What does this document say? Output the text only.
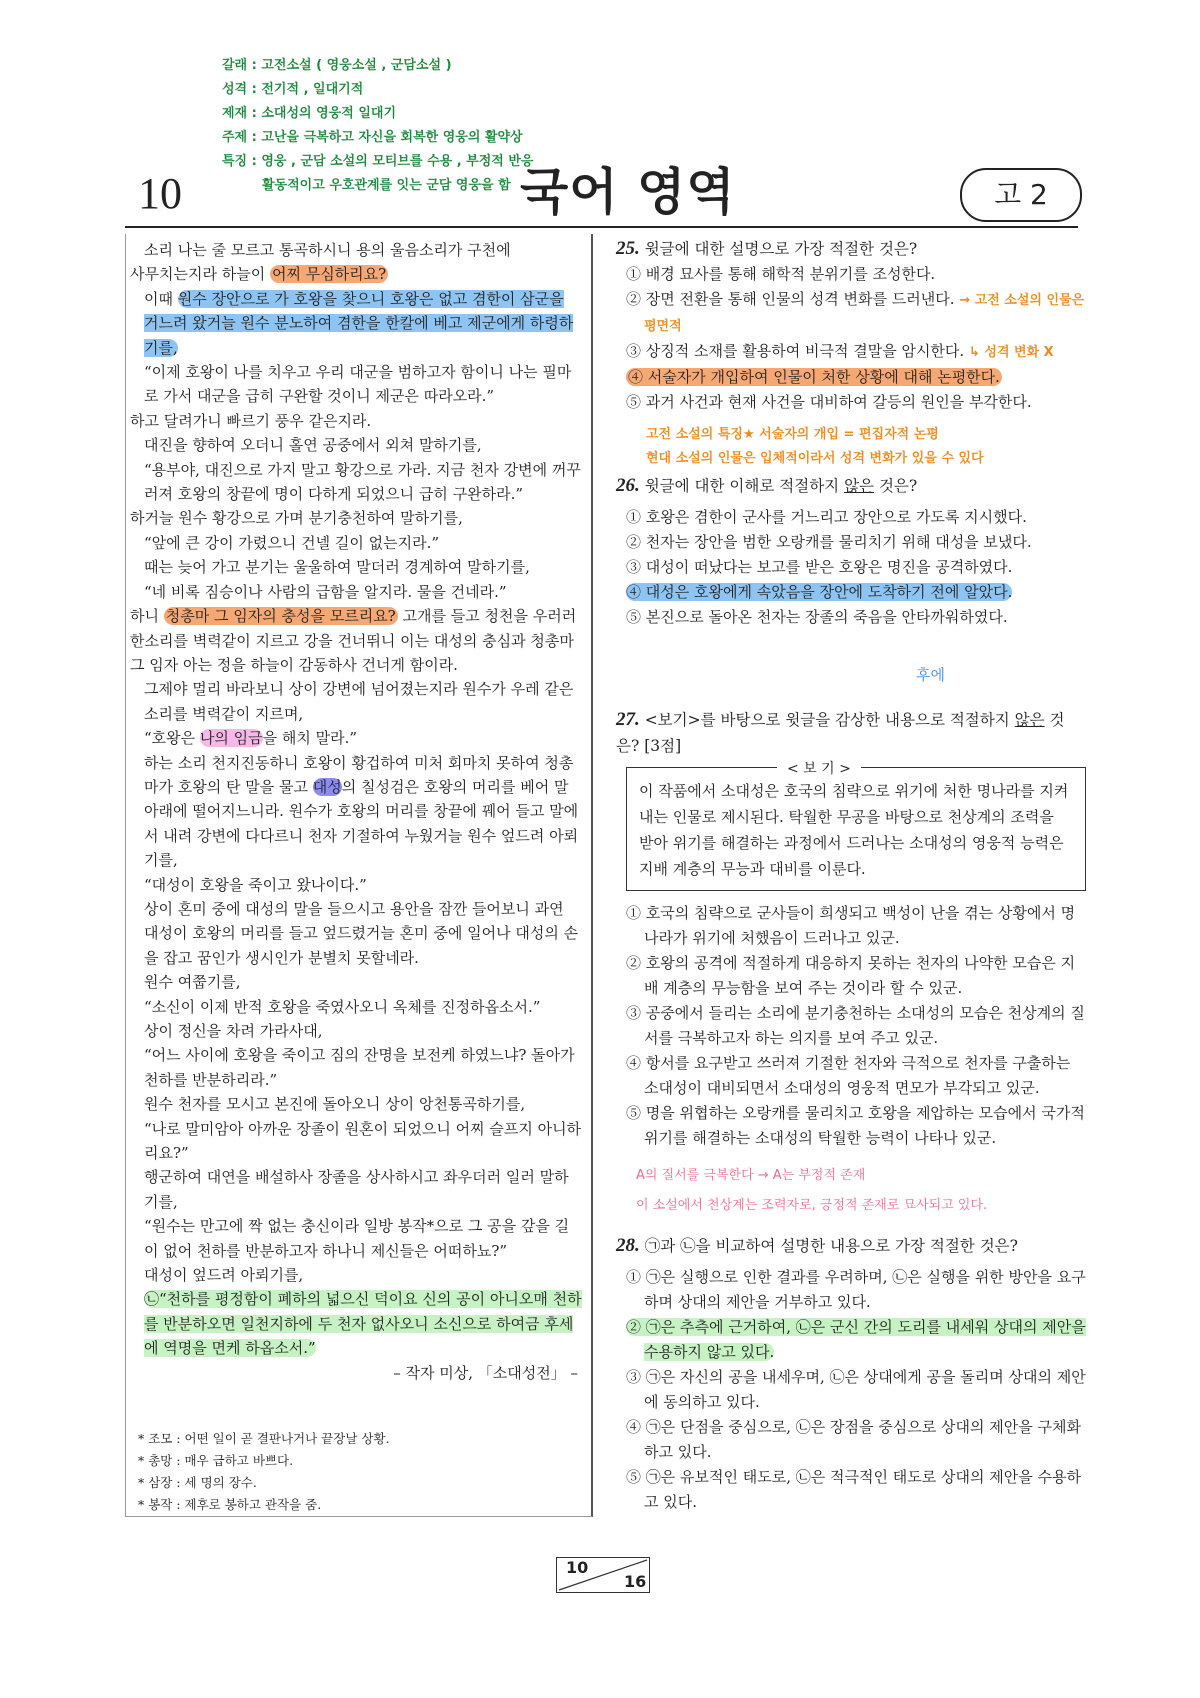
갈래 : 고전소설 ( 영웅소설 , 군담소설 )
성격 : 전기적 , 일대기적
제재 : 소대성의 영웅적 일대기
주제 : 고난을 극복하고 자신을 회복한 영웅의 활약상
특징 : 영웅 , 군담 소설의 모티브를 수용 , 부정적 반응
활동적이고 우호관계를 잇는 군담 영웅을 함
10	국어 영역	고 2

소리 나는 줄 모르고 통곡하시니 용의 울음소리가 구천에

사무치는지라 하늘이 어찌 무심하리요?

이때 원수 장안으로 가 호왕을 찾으니 호왕은 없고 겸한이 삼군을 거느려 왔거늘 원수 분노하여 겸한을 한칼에 베고 제군에게 하령하기를,

“이제 호왕이 나를 치우고 우리 대군을 범하고자 함이니 나는 필마로 가서 대군을 급히 구완할 것이니 제군은 따라오라.”

하고 달려가니 빠르기 풍우 같은지라.

대진을 향하여 오더니 홀연 공중에서 외쳐 말하기를,

“용부야, 대진으로 가지 말고 황강으로 가라. 지금 천자 강변에 꺼꾸러져 호왕의 창끝에 명이 다하게 되었으니 급히 구완하라.”

하거늘 원수 황강으로 가며 분기충천하여 말하기를,

“앞에 큰 강이 가렸으니 건넬 길이 없는지라.”

때는 늦어 가고 분기는 울울하여 말더러 경계하여 말하기를,

“네 비록 짐승이나 사람의 급함을 알지라. 물을 건네라.”

하니 청총마 그 임자의 충성을 모르리요? 고개를 들고 청천을 우러러 한소리를 벽력같이 지르고 강을 건너뛰니 이는 대성의 충심과 청총마 그 임자 아는 정을 하늘이 감동하사 건너게 함이라.

그제야 멀리 바라보니 상이 강변에 넘어졌는지라 원수가 우레 같은 소리를 벽력같이 지르며,

“호왕은 나의 임금을 해치 말라.”

하는 소리 천지진동하니 호왕이 황겁하여 미처 회마치 못하여 청총마가 호왕의 탄 말을 물고 대성의 칠성검은 호왕의 머리를 베어 말 아래에 떨어지느니라. 원수가 호왕의 머리를 창끝에 꿰어 들고 말에서 내려 강변에 다다르니 천자 기절하여 누웠거늘 원수 엎드려 아뢰기를,

“대성이 호왕을 죽이고 왔나이다.”

상이 혼미 중에 대성의 말을 들으시고 용안을 잠깐 들어보니 과연 대성이 호왕의 머리를 들고 엎드렸거늘 혼미 중에 일어나 대성의 손을 잡고 꿈인가 생시인가 분별치 못할네라.

원수 여쭙기를,

“소신이 이제 반적 호왕을 죽였사오니 옥체를 진정하옵소서.”

상이 정신을 차려 가라사대,

“어느 사이에 호왕을 죽이고 짐의 잔명을 보전케 하였느냐? 돌아가 천하를 반분하리라.”

원수 천자를 모시고 본진에 돌아오니 상이 앙천통곡하기를,

“나로 말미암아 아까운 장졸이 원혼이 되었으니 어찌 슬프지 아니하리요?”

행군하여 대연을 배설하사 장졸을 상사하시고 좌우더러 일러 말하기를,

“원수는 만고에 짝 없는 충신이라 일방 봉작*으로 그 공을 갚을 길이 없어 천하를 반분하고자 하나니 제신들은 어떠하뇨?”

대성이 엎드려 아뢰기를,

㉡“천하를 평정함이 폐하의 넓으신 덕이요 신의 공이 아니오매 천하를 반분하오면 일천지하에 두 천자 없사오니 소신으로 하여금 후세에 역명을 면케 하옵소서.”

– 작자 미상, 「소대성전」 –

* 조모 : 어떤 일이 곧 결판나거나 끝장날 상황.
* 총망 : 매우 급하고 바쁘다.
* 삼장 : 세 명의 장수.
* 봉작 : 제후로 봉하고 관작을 줌.

25. 윗글에 대한 설명으로 가장 적절한 것은?

① 배경 묘사를 통해 해학적 분위기를 조성한다.

② 장면 전환을 통해 인물의 성격 변화를 드러낸다. → 고전 소설의 인물은 평면적

③ 상징적 소재를 활용하여 비극적 결말을 암시한다. ↳ 성격 변화 X

④ 서술자가 개입하여 인물이 처한 상황에 대해 논평한다.

⑤ 과거 사건과 현재 사건을 대비하여 갈등의 원인을 부각한다.

고전 소설의 특징★ 서술자의 개입 = 편집자적 논평
현대 소설의 인물은 입체적이라서 성격 변화가 있을 수 있다

26. 윗글에 대한 이해로 적절하지 않은 것은?

① 호왕은 겸한이 군사를 거느리고 장안으로 가도록 지시했다.

② 천자는 장안을 범한 오랑캐를 물리치기 위해 대성을 보냈다.

③ 대성이 떠났다는 보고를 받은 호왕은 명진을 공격하였다.

④ 대성은 호왕에게 속았음을 장안에 도착하기 전에 알았다.

⑤ 본진으로 돌아온 천자는 장졸의 죽음을 안타까워하였다.

후에

27. <보기>를 바탕으로 윗글을 감상한 내용으로 적절하지 않은 것은? [3점]

< 보 기 >
이 작품에서 소대성은 호국의 침략으로 위기에 처한 명나라를 지켜내는 인물로 제시된다. 탁월한 무공을 바탕으로 천상계의 조력을 받아 위기를 해결하는 과정에서 드러나는 소대성의 영웅적 능력은 지배 계층의 무능과 대비를 이룬다.

① 호국의 침략으로 군사들이 희생되고 백성이 난을 겪는 상황에서 명나라가 위기에 처했음이 드러나고 있군.

② 호왕의 공격에 적절하게 대응하지 못하는 천자의 나약한 모습은 지배 계층의 무능함을 보여 주는 것이라 할 수 있군.

③ 공중에서 들리는 소리에 분기충천하는 소대성의 모습은 천상계의 질서를 극복하고자 하는 의지를 보여 주고 있군.

④ 항서를 요구받고 쓰러져 기절한 천자와 극적으로 천자를 구출하는 소대성이 대비되면서 소대성의 영웅적 면모가 부각되고 있군.

⑤ 명을 위협하는 오랑캐를 물리치고 호왕을 제압하는 모습에서 국가적 위기를 해결하는 소대성의 탁월한 능력이 나타나 있군.

A의 질서를 극복한다 → A는 부정적 존재
이 소설에서 천상계는 조력자로, 긍정적 존재로 묘사되고 있다.

28. ㉠과 ㉡을 비교하여 설명한 내용으로 가장 적절한 것은?

① ㉠은 실행으로 인한 결과를 우려하며, ㉡은 실행을 위한 방안을 요구하며 상대의 제안을 거부하고 있다.

② ㉠은 추측에 근거하여, ㉡은 군신 간의 도리를 내세워 상대의 제안을 수용하지 않고 있다.

③ ㉠은 자신의 공을 내세우며, ㉡은 상대에게 공을 돌리며 상대의 제안에 동의하고 있다.

④ ㉠은 단점을 중심으로, ㉡은 장점을 중심으로 상대의 제안을 구체화하고 있다.

⑤ ㉠은 유보적인 태도로, ㉡은 적극적인 태도로 상대의 제안을 수용하고 있다.

10
16
